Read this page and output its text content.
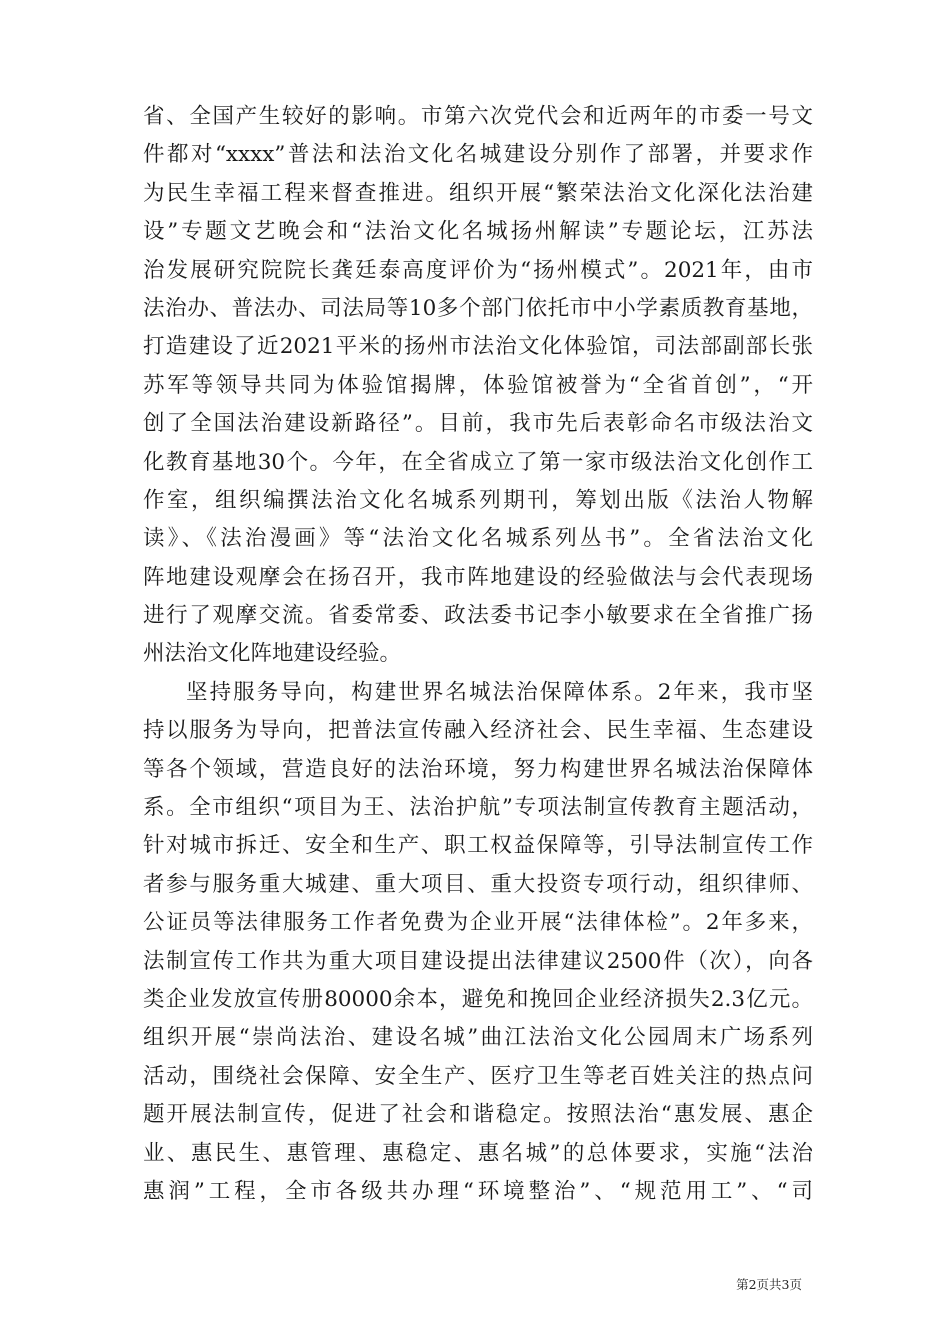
省、全国产生较好的影响。市第六次党代会和近两年的市委一号文
件都对“xxxx”普法和法治文化名城建设分别作了部署，并要求作
为民生幸福工程来督查推进。组织开展“繁荣法治文化深化法治建
设”专题文艺晚会和“法治文化名城扬州解读”专题论坛，江苏法
治发展研究院院长龚廷泰高度评价为“扬州模式”。2021年，由市
法治办、普法办、司法局等10多个部门依托市中小学素质教育基地，
打造建设了近2021平米的扬州市法治文化体验馆，司法部副部长张
苏军等领导共同为体验馆揭牌，体验馆被誉为“全省首创”，“开
创了全国法治建设新路径”。目前，我市先后表彰命名市级法治文
化教育基地30个。今年，在全省成立了第一家市级法治文化创作工
作室，组织编撰法治文化名城系列期刊，筹划出版《法治人物解
读》、《法治漫画》等“法治文化名城系列丛书”。全省法治文化
阵地建设观摩会在扬召开，我市阵地建设的经验做法与会代表现场
进行了观摩交流。省委常委、政法委书记李小敏要求在全省推广扬
州法治文化阵地建设经验。
坚持服务导向，构建世界名城法治保障体系。2年来，我市坚
持以服务为导向，把普法宣传融入经济社会、民生幸福、生态建设
等各个领域，营造良好的法治环境，努力构建世界名城法治保障体
系。全市组织“项目为王、法治护航”专项法制宣传教育主题活动，
针对城市拆迁、安全和生产、职工权益保障等，引导法制宣传工作
者参与服务重大城建、重大项目、重大投资专项行动，组织律师、
公证员等法律服务工作者免费为企业开展“法律体检”。2年多来，
法制宣传工作共为重大项目建设提出法律建议2500件（次），向各
类企业发放宣传册80000余本，避免和挽回企业经济损失2.3亿元。
组织开展“崇尚法治、建设名城”曲江法治文化公园周末广场系列
活动，围绕社会保障、安全生产、医疗卫生等老百姓关注的热点问
题开展法制宣传，促进了社会和谐稳定。按照法治“惠发展、惠企
业、惠民生、惠管理、惠稳定、惠名城”的总体要求，实施“法治
惠润”工程，全市各级共办理“环境整治”、“规范用工”、“司
第2页共3页
